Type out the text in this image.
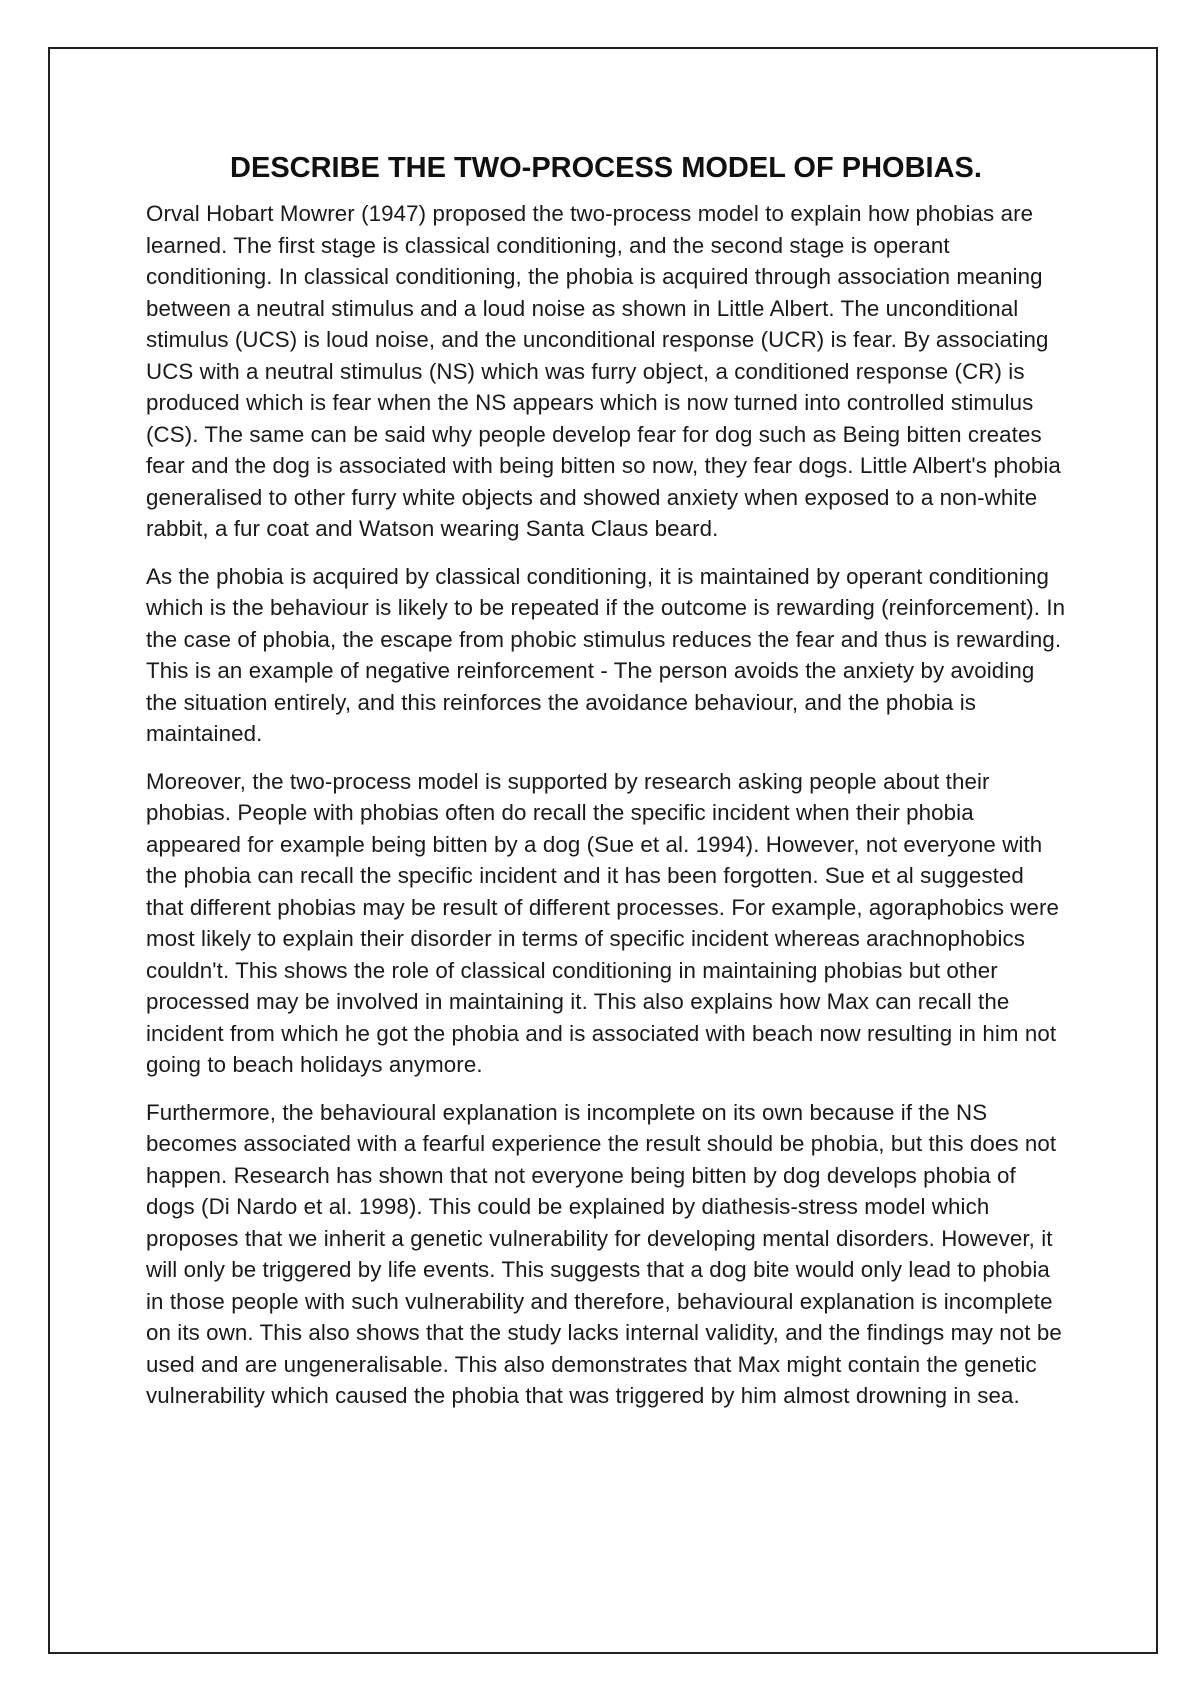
DESCRIBE THE TWO-PROCESS MODEL OF PHOBIAS.

Orval Hobart Mowrer (1947) proposed the two-process model to explain how phobias are learned. The first stage is classical conditioning, and the second stage is operant conditioning. In classical conditioning, the phobia is acquired through association meaning between a neutral stimulus and a loud noise as shown in Little Albert. The unconditional stimulus (UCS) is loud noise, and the unconditional response (UCR) is fear. By associating UCS with a neutral stimulus (NS) which was furry object, a conditioned response (CR) is produced which is fear when the NS appears which is now turned into controlled stimulus (CS). The same can be said why people develop fear for dog such as Being bitten creates fear and the dog is associated with being bitten so now, they fear dogs. Little Albert's phobia generalised to other furry white objects and showed anxiety when exposed to a non-white rabbit, a fur coat and Watson wearing Santa Claus beard.

As the phobia is acquired by classical conditioning, it is maintained by operant conditioning which is the behaviour is likely to be repeated if the outcome is rewarding (reinforcement). In the case of phobia, the escape from phobic stimulus reduces the fear and thus is rewarding. This is an example of negative reinforcement - The person avoids the anxiety by avoiding the situation entirely, and this reinforces the avoidance behaviour, and the phobia is maintained.

Moreover, the two-process model is supported by research asking people about their phobias. People with phobias often do recall the specific incident when their phobia appeared for example being bitten by a dog (Sue et al. 1994). However, not everyone with the phobia can recall the specific incident and it has been forgotten. Sue et al suggested that different phobias may be result of different processes. For example, agoraphobics were most likely to explain their disorder in terms of specific incident whereas arachnophobics couldn't. This shows the role of classical conditioning in maintaining phobias but other processed may be involved in maintaining it. This also explains how Max can recall the incident from which he got the phobia and is associated with beach now resulting in him not going to beach holidays anymore.

Furthermore, the behavioural explanation is incomplete on its own because if the NS becomes associated with a fearful experience the result should be phobia, but this does not happen. Research has shown that not everyone being bitten by dog develops phobia of dogs (Di Nardo et al. 1998). This could be explained by diathesis-stress model which proposes that we inherit a genetic vulnerability for developing mental disorders. However, it will only be triggered by life events. This suggests that a dog bite would only lead to phobia in those people with such vulnerability and therefore, behavioural explanation is incomplete on its own. This also shows that the study lacks internal validity, and the findings may not be used and are ungeneralisable. This also demonstrates that Max might contain the genetic vulnerability which caused the phobia that was triggered by him almost drowning in sea.
